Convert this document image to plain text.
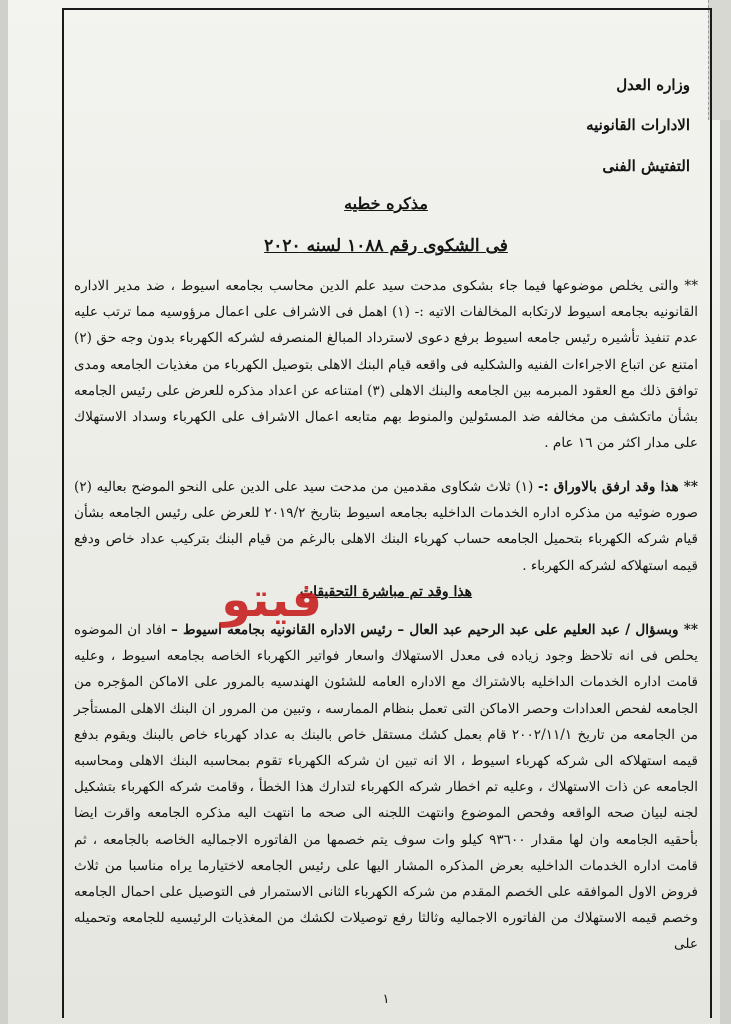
وزاره العدل
الادارات القانونيه
التفتيش الفنى
مذكره خطيه
فى الشكوى رقم ١٠٨٨ لسنه ٢٠٢٠
** والتى يخلص موضوعها فيما جاء بشكوى مدحت سيد علم الدين محاسب بجامعه اسيوط ، ضد مدير الاداره القانونيه بجامعه اسيوط لارتكابه المخالفات الاتيه :- (١) اهمل فى الاشراف على اعمال مرؤوسيه مما ترتب عليه عدم تنفيذ تأشيره رئيس جامعه اسيوط برفع دعوى لاسترداد المبالغ المنصرفه لشركه الكهرباء بدون وجه حق (٢) امتنع عن اتباع الاجراءات الفنيه والشكليه فى واقعه قيام البنك الاهلى بتوصيل الكهرباء من مغذيات الجامعه ومدى توافق ذلك مع العقود المبرمه بين الجامعه والبنك الاهلى (٣) امتناعه عن اعداد مذكره للعرض على رئيس الجامعه بشأن ماتكشف من مخالفه ضد المسئولين والمنوط بهم متابعه اعمال الاشراف على الكهرباء وسداد الاستهلاك على مدار اكثر من ١٦ عام .
** هذا وقد ارفق بالاوراق :- (١) ثلاث شكاوى مقدمين من مدحت سيد على الدين على النحو الموضح بعاليه (٢) صوره ضوئيه من مذكره اداره الخدمات الداخليه بجامعه اسيوط بتاريخ ٢٠١٩/٢ للعرض على رئيس الجامعه بشأن قيام شركه الكهرباء بتحميل الجامعه حساب كهرباء البنك الاهلى بالرغم من قيام البنك بتركيب عداد خاص ودفع قيمه استهلاكه لشركه الكهرباء .
هذا وقد تم مباشرة التحقيقات
** وبسؤال / عبد العليم على عبد الرحيم عبد العال – رئيس الاداره القانونيه بجامعه اسيوط – افاد ان الموضوه يحلص فى انه تلاحظ وجود زياده فى معدل الاستهلاك واسعار فواتير الكهرباء الخاصه بجامعه اسيوط ، وعليه قامت اداره الخدمات الداخليه بالاشتراك مع الاداره العامه للشئون الهندسيه بالمرور على الاماكن المؤجره من الجامعه لفحص العدادات وحصر الاماكن التى تعمل بنظام الممارسه ، وتبين من المرور ان البنك الاهلى المستأجر من الجامعه من تاريخ ٢٠٠٢/١١/١ قام بعمل كشك مستقل خاص بالبنك به عداد كهرباء خاص بالبنك ويقوم بدفع قيمه استهلاكه الى شركه كهرباء اسيوط ، الا انه تبين ان شركه الكهرباء تقوم بمحاسبه البنك الاهلى ومحاسبه الجامعه عن ذات الاستهلاك ، وعليه تم اخطار شركه الكهرباء لتدارك هذا الخطأ ، وقامت شركه الكهرباء بتشكيل لجنه لبيان صحه الواقعه وفحص الموضوع وانتهت اللجنه الى صحه ما انتهت اليه مذكره الجامعه واقرت ايضا بأحقيه الجامعه وان لها مقدار ٩٣٦٠٠ كيلو وات سوف يتم خصمها من الفاتوره الاجماليه الخاصه بالجامعه ، ثم قامت اداره الخدمات الداخليه بعرض المذكره المشار اليها على رئيس الجامعه لاختيارما يراه مناسبا من ثلاث فروض الاول الموافقه على الخصم المقدم من شركه الكهرباء الثانى الاستمرار فى التوصيل على احمال الجامعه وخصم قيمه الاستهلاك من الفاتوره الاجماليه وثالثا رفع توصيلات لكشك من المغذيات الرئيسيه للجامعه وتحميله على
١
فيتو
